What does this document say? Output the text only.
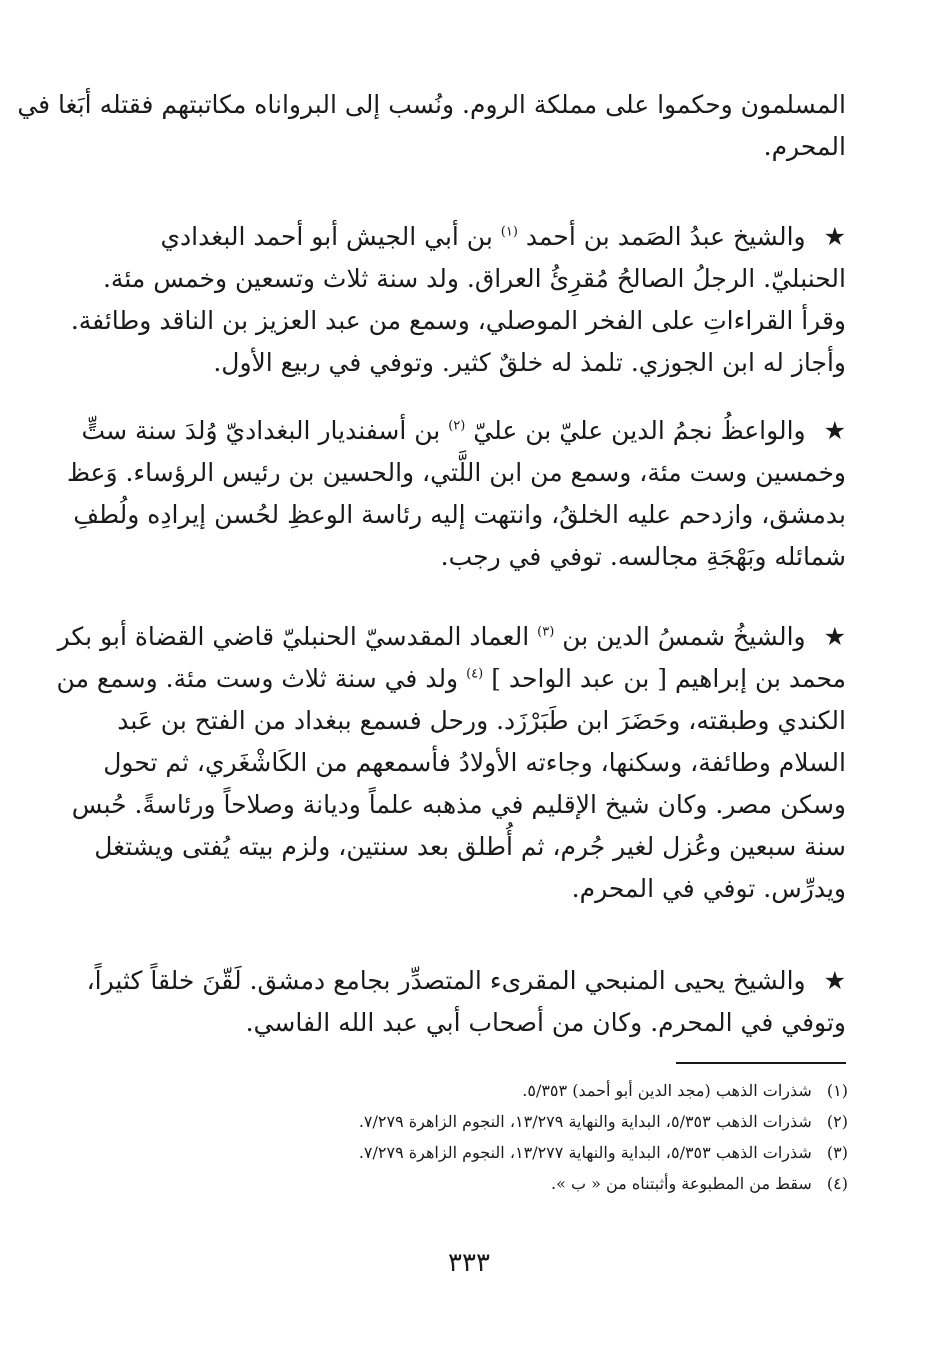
المسلمون وحكموا على مملكة الروم. ونُسب إلى البرواناه مكاتبتهم فقتله أبَغا في
المحرم.
★ والشيخ عبدُ الصَمد بن أحمد $^{(١)}$ بن أبي الجيش أبو أحمد البغدادي
الحنبليّ. الرجلُ الصالحُ مُقرِئُ العراق. ولد سنة ثلاث وتسعين وخمس مئة.
وقرأ القراءاتِ على الفخر الموصلي، وسمع من عبد العزيز بن الناقد وطائفة.
وأجاز له ابن الجوزي. تلمذ له خلقٌ كثير. وتوفي في ربيع الأول.
★ والواعظُ نجمُ الدين عليّ بن عليّ $^{(٢)}$ بن أسفنديار البغداديّ وُلدَ سنة ستٍّ
وخمسين وست مئة، وسمع من ابن اللَّتي، والحسين بن رئيس الرؤساء. وَعظ
بدمشق، وازدحم عليه الخلقُ، وانتهت إليه رئاسة الوعظِ لحُسن إيرادِه ولُطفِ
شمائله وبَهْجَةِ مجالسه. توفي في رجب.
★ والشيخُ شمسُ الدين بن $^{(٣)}$ العماد المقدسيّ الحنبليّ قاضي القضاة أبو بكر
محمد بن إبراهيم [ بن عبد الواحد ] $^{(٤)}$ ولد في سنة ثلاث وست مئة. وسمع من
الكندي وطبقته، وحَضَرَ ابن طَبَرْزَد. ورحل فسمع ببغداد من الفتح بن عَبد
السلام وطائفة، وسكنها، وجاءته الأولادُ فأسمعهم من الكَاشْغَري، ثم تحول
وسكن مصر. وكان شيخ الإقليم في مذهبه علماً وديانة وصلاحاً ورئاسةً. حُبس
سنة سبعين وعُزل لغير جُرم، ثم أُطلق بعد سنتين، ولزم بيته يُفتى ويشتغل
ويدرِّس. توفي في المحرم.
★ والشيخ يحيى المنبحي المقرىء المتصدِّر بجامع دمشق. لَقّنَ خلقاً كثيراً،
وتوفي في المحرم. وكان من أصحاب أبي عبد الله الفاسي.
(١) شذرات الذهب (مجد الدين أبو أحمد) ٥/٣٥٣.
(٢) شذرات الذهب ٥/٣٥٣، البداية والنهاية ١٣/٢٧٩، النجوم الزاهرة ٧/٢٧٩.
(٣) شذرات الذهب ٥/٣٥٣، البداية والنهاية ١٣/٢٧٧، النجوم الزاهرة ٧/٢٧٩.
(٤) سقط من المطبوعة وأثبتناه من « ب ».
٣٣٣
